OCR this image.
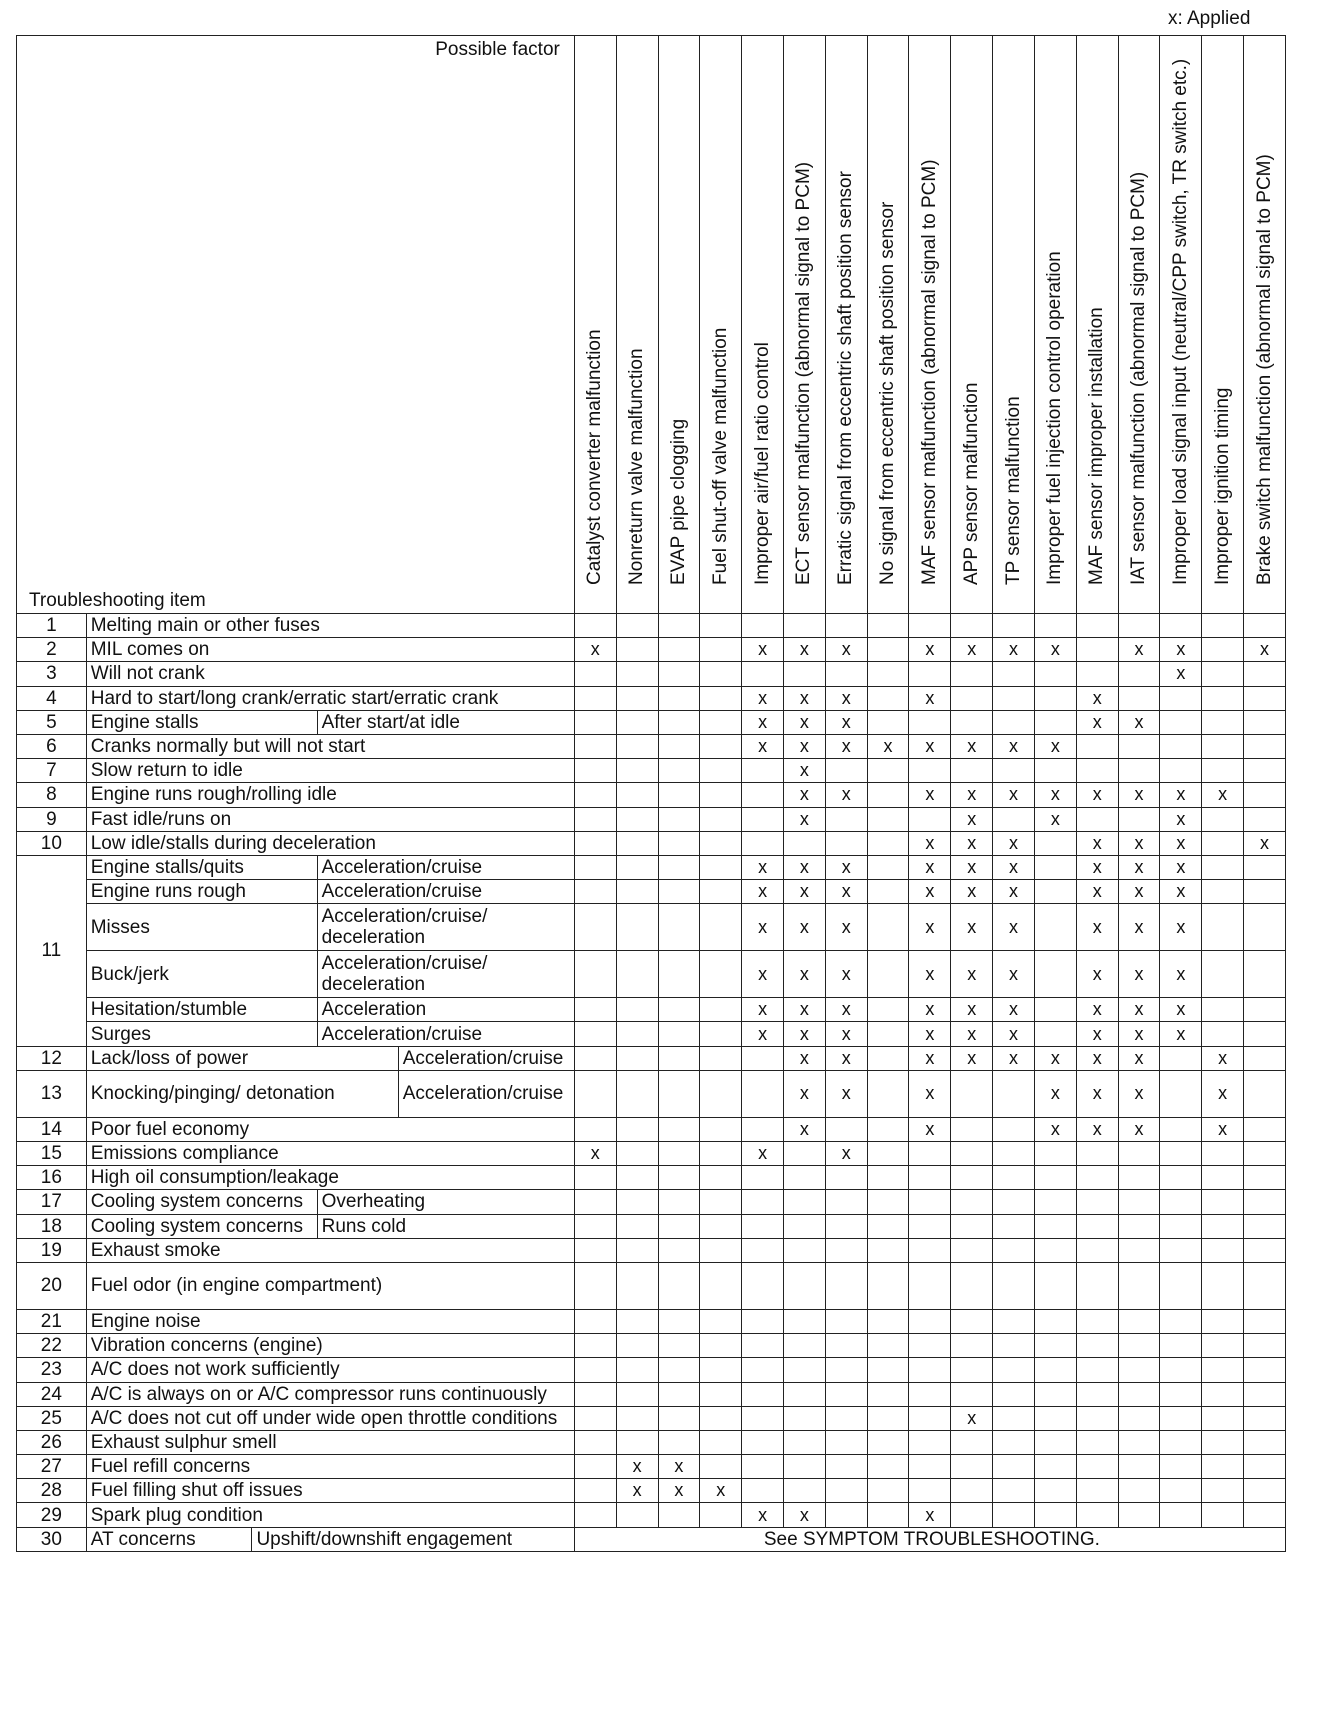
x: Applied
Possible factor
Troubleshooting item					Catalyst converter malfunction	Nonreturn valve malfunction	EVAP pipe clogging	Fuel shut-off valve malfunction	Improper air/fuel ratio control	ECT sensor malfunction (abnormal signal to PCM)	Erratic signal from eccentric shaft position sensor	No signal from eccentric shaft position sensor	MAF sensor malfunction (abnormal signal to PCM)	APP sensor malfunction	TP sensor malfunction	Improper fuel injection control operation	MAF sensor improper installation	IAT sensor malfunction (abnormal signal to PCM)	Improper load signal input (neutral/CPP switch, TR switch etc.)	Improper ignition timing	Brake switch malfunction (abnormal signal to PCM)

1	Melting main or other fuses																				
2	MIL comes on				x				x	x	x		x	x	x	x		x	x		x
3	Will not crank																		x		
4	Hard to start/long crank/erratic start/erratic crank								x	x	x		x				x				
5	Engine stalls		After start/at idle						x	x	x						x	x			
6	Cranks normally but will not start								x	x	x	x	x	x	x	x					
7	Slow return to idle									x											
8	Engine runs rough/rolling idle									x	x		x	x	x	x	x	x	x	x	
9	Fast idle/runs on									x				x		x			x		
10	Low idle/stalls during deceleration												x	x	x		x	x	x		x
11	Engine stalls/quits		Acceleration/cruise						x	x	x		x	x	x		x	x	x		
	Engine runs rough		Acceleration/cruise						x	x	x		x	x	x		x	x	x		
	Misses		Acceleration/cruise/ deceleration						x	x	x		x	x	x		x	x	x		
	Buck/jerk		Acceleration/cruise/ deceleration						x	x	x		x	x	x		x	x	x		
	Hesitation/stumble		Acceleration						x	x	x		x	x	x		x	x	x		
	Surges		Acceleration/cruise						x	x	x		x	x	x		x	x	x		
12	Lack/loss of power			Acceleration/cruise						x	x		x	x	x	x	x	x		x	
13	Knocking/pinging/ detonation			Acceleration/cruise						x	x		x			x	x	x		x	
14	Poor fuel economy									x			x			x	x	x		x	
15	Emissions compliance				x				x		x										
16	High oil consumption/leakage																				
17	Cooling system concerns		Overheating																		
18	Cooling system concerns		Runs cold																		
19	Exhaust smoke																				
20	Fuel odor (in engine compartment)																				
21	Engine noise																				
22	Vibration concerns (engine)																				
23	A/C does not work sufficiently																				
24	A/C is always on or A/C compressor runs continuously																				
25	A/C does not cut off under wide open throttle conditions													x							
26	Exhaust sulphur smell																				
27	Fuel refill concerns					x	x														
28	Fuel filling shut off issues					x	x	x													
29	Spark plug condition								x	x			x								
30	AT concerns	Upshift/downshift engagement			See SYMPTOM TROUBLESHOOTING.																
